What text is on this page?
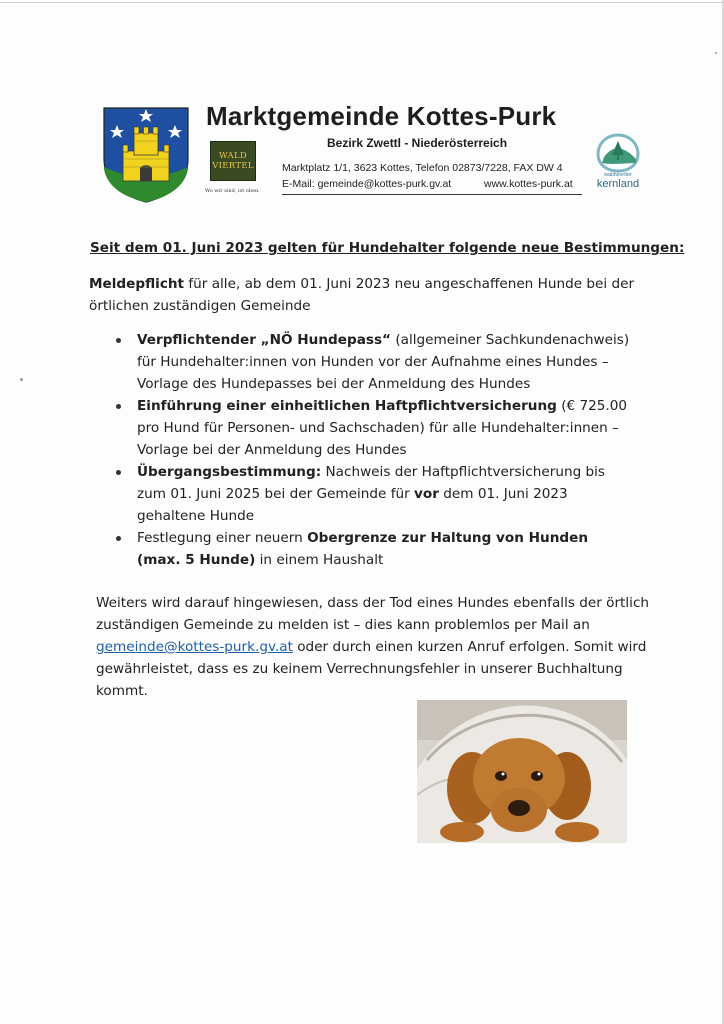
WALD
VIERTEL
Wo wir sind, ist oben.
Marktgemeinde Kottes-Purk
Bezirk Zwettl - Niederösterreich
Marktplatz 1/1, 3623 Kottes, Telefon 02873/7228, FAX DW 4
E-Mail: gemeinde@kottes-purk.gv.at	www.kottes-purk.at
waldviertler
kernland
Seit dem 01. Juni 2023 gelten für Hundehalter folgende neue Bestimmungen:
Meldepflicht für alle, ab dem 01. Juni 2023 neu angeschaffenen Hunde bei der örtlichen zuständigen Gemeinde
Verpflichtender „NÖ Hundepass“ (allgemeiner Sachkundenachweis) für Hundehalter:innen von Hunden vor der Aufnahme eines Hundes – Vorlage des Hundepasses bei der Anmeldung des Hundes
Einführung einer einheitlichen Haftpflichtversicherung (€ 725.00 pro Hund für Personen- und Sachschaden) für alle Hundehalter:innen – Vorlage bei der Anmeldung des Hundes
Übergangsbestimmung: Nachweis der Haftpflichtversicherung bis zum 01. Juni 2025 bei der Gemeinde für vor dem 01. Juni 2023 gehaltene Hunde
Festlegung einer neuern Obergrenze zur Haltung von Hunden (max. 5 Hunde) in einem Haushalt
Weiters wird darauf hingewiesen, dass der Tod eines Hundes ebenfalls der örtlich zuständigen Gemeinde zu melden ist – dies kann problemlos per Mail an gemeinde@kottes-purk.gv.at oder durch einen kurzen Anruf erfolgen. Somit wird gewährleistet, dass es zu keinem Verrechnungsfehler in unserer Buchhaltung kommt.
